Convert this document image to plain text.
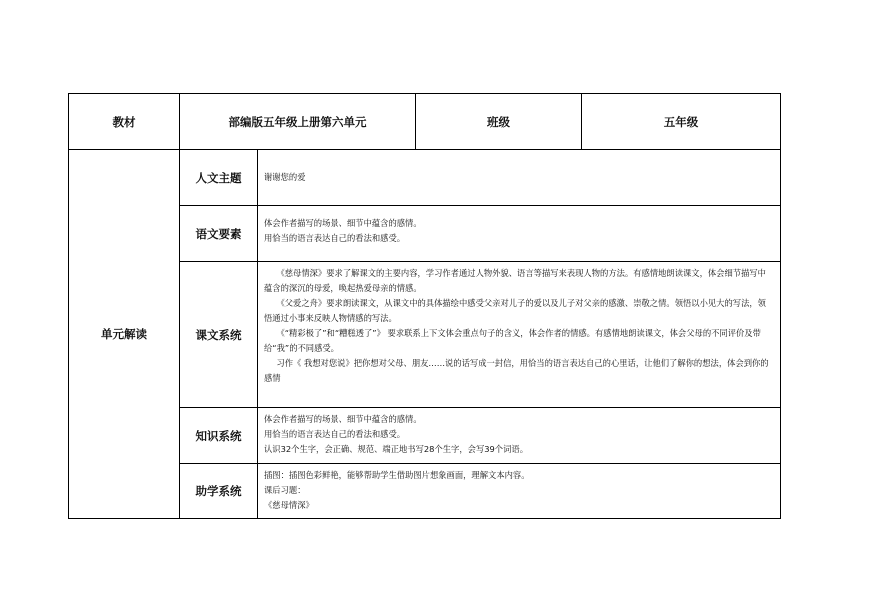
教材	部编版五年级上册第六单元		班级	五年级
单元解读	人文主题	谢谢您的爱		

	语文要素	体会作者描写的场景、细节中蕴含的感情。

用恰当的语言表达自己的看法和感受。		

	课文系统	《慈母情深》要求了解课文的主要内容，学习作者通过人物外貌、语言等描写来表现人物的方法。有感情地朗读课文，体会细节描写中蕴含的深沉的母爱，唤起热爱母亲的情感。

《父爱之舟》要求朗读课文，从课文中的具体描绘中感受父亲对儿子的爱以及儿子对父亲的感激、崇敬之情。领悟以小见大的写法，领悟通过小事来反映人物情感的写法。

《“精彩极了”和“糟糕透了”》 要求联系上下文体会重点句子的含义，体会作者的情感。有感情地朗读课文，体会父母的不同评价及带给“我”的不同感受。

习作《 我想对您说》把你想对父母、朋友……说的话写成一封信，用恰当的语言表达自己的心里话，让他们了解你的想法，体会到你的感情		

	知识系统	体会作者描写的场景、细节中蕴含的感情。

用恰当的语言表达自己的看法和感受。

认识32个生字，会正确、规范、端正地书写28个生字，会写39个词语。		

	助学系统	插图：插图色彩鲜艳，能够帮助学生借助图片想象画面，理解文本内容。

课后习题：

《慈母情深》		
